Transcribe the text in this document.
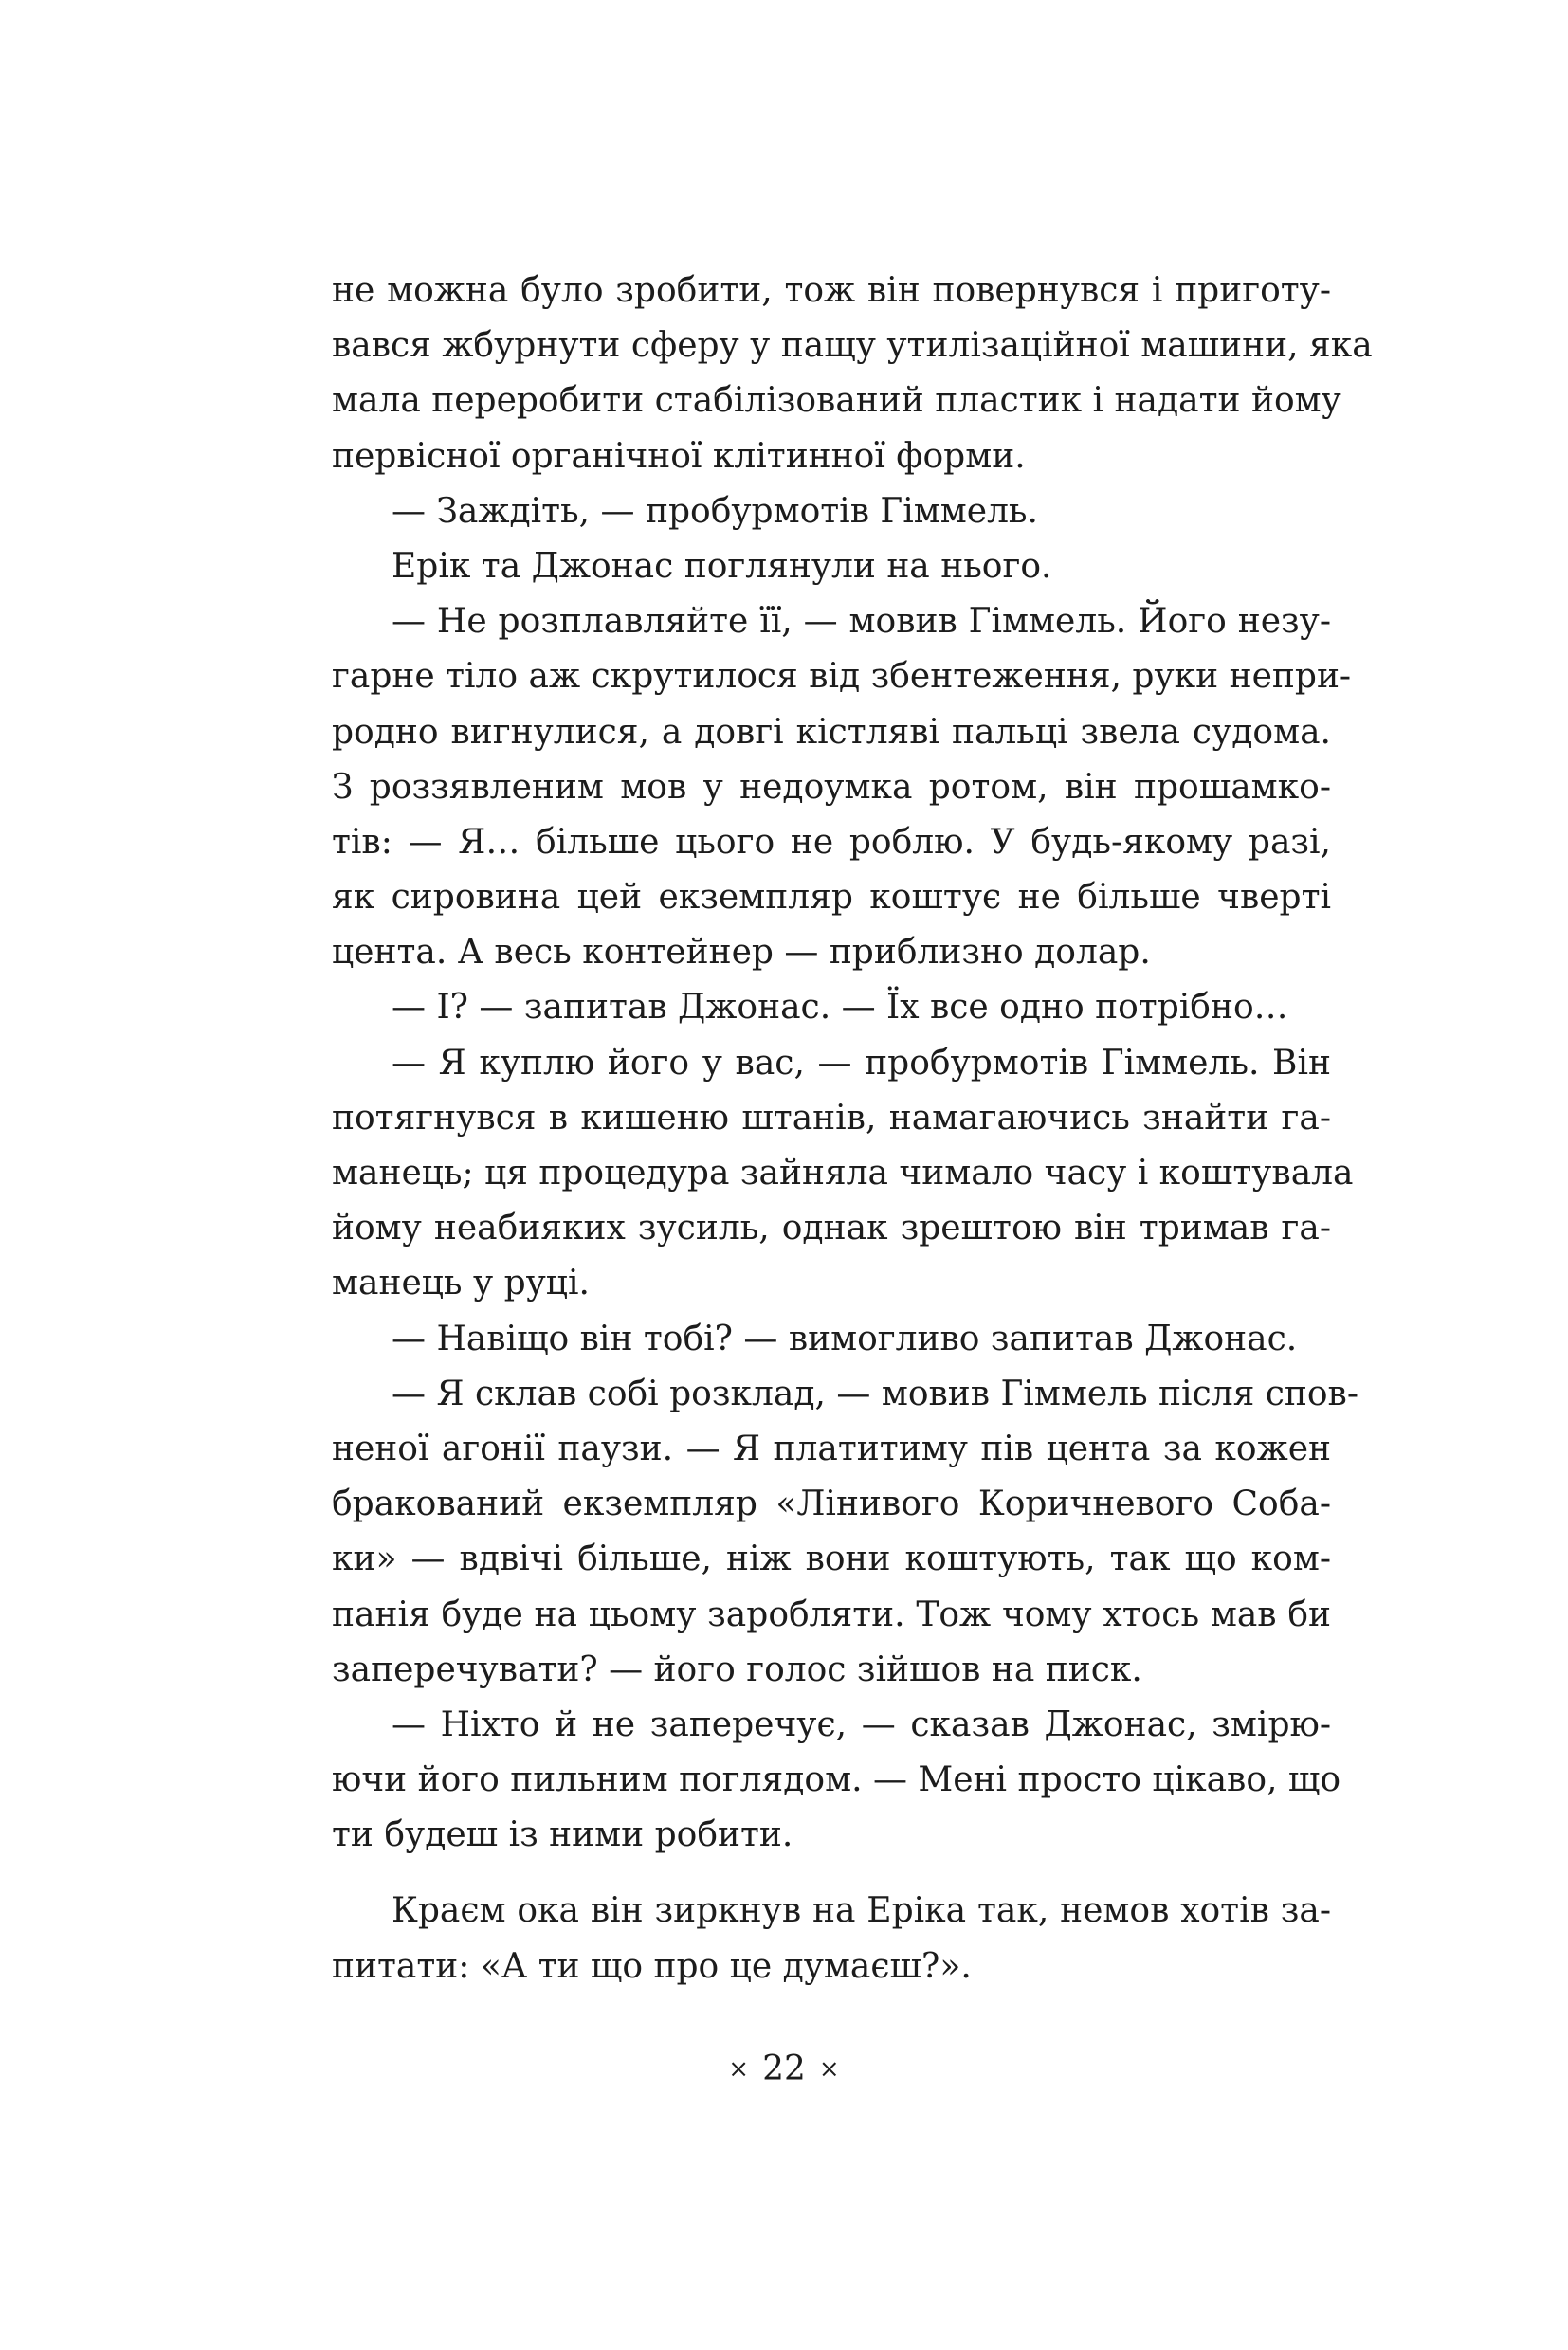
не можна було зробити, тож він повернувся і приготу-
вався жбурнути сферу у пащу утилізаційної машини, яка
мала переробити стабілізований пластик і надати йому
первісної органічної клітинної форми.
— Заждіть, — пробурмотів Гіммель.
Ерік та Джонас поглянули на нього.
— Не розплавляйте її, — мовив Гіммель. Його незу-
гарне тіло аж скрутилося від збентеження, руки непри-
родно вигнулися, а довгі кістляві пальці звела судома.
З роззявленим мов у недоумка ротом, він прошамко-
тів: — Я… більше цього не роблю. У будь-якому разі,
як сировина цей екземпляр коштує не більше чверті
цента. А весь контейнер — приблизно долар.
— І? — запитав Джонас. — Їх все одно потрібно…
— Я куплю його у вас, — пробурмотів Гіммель. Він
потягнувся в кишеню штанів, намагаючись знайти га-
манець; ця процедура зайняла чимало часу і коштувала
йому неабияких зусиль, однак зрештою він тримав га-
манець у руці.
— Навіщо він тобі? — вимогливо запитав Джонас.
— Я склав собі розклад, — мовив Гіммель після спов-
неної агонії паузи. — Я платитиму пів цента за кожен
бракований екземпляр «Лінивого Коричневого Соба-
ки» — вдвічі більше, ніж вони коштують, так що ком-
панія буде на цьому заробляти. Тож чому хтось мав би
заперечувати? — його голос зійшов на писк.
— Ніхто й не заперечує, — сказав Джонас, змірю-
ючи його пильним поглядом. — Мені просто цікаво, що
ти будеш із ними робити.
Краєм ока він зиркнув на Еріка так, немов хотів за-
питати: «А ти що про це думаєш?».
× 22 ×
